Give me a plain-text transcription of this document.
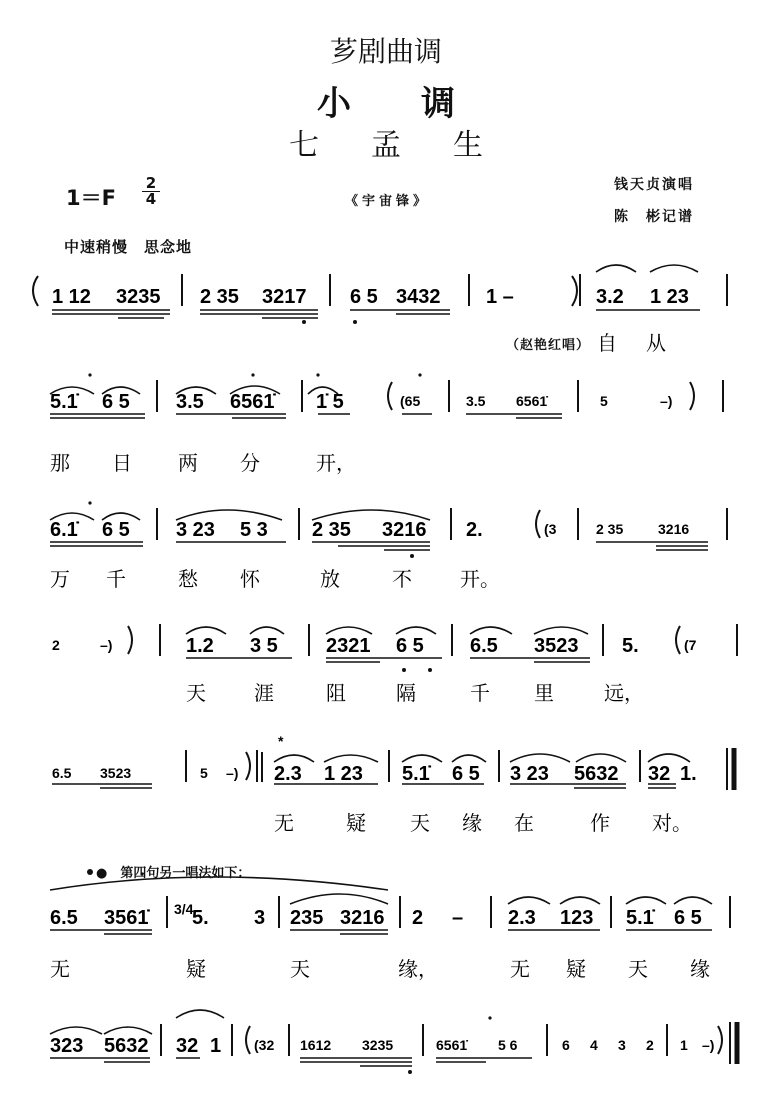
芗剧曲调
小调
七孟生
1＝F
2
4	《宇宙锋》
钱天贞演唱
陈　彬记谱
中速稍慢　思念地
1 12 3235 2 35 3217 6 5 3432 1 –	3.2 1 23
自 从
5.1̇ 6 5 3.5 6561̇ 1̇ 5	(65	3.5 6561̇	5	–)
那 日 两 分	开，
6.1̇ 6 5 3 23 5 3 2 35 3216 2.	(3	2 35 3216
万 千	愁 怀	放	不 开。
2	–)	1.2 3 5 2321 6 5 6.5 3523 5.	(7
天 涯	阻	隔	千 里	远，
6.5 3523	5 –)
*
2.3 1 23 5.1̇ 6 5 3 23 5632 32 1.
无	疑 天 缘 在	作 对。
6.5 3561̇ 3/4
5. 3 235 3216 2 – 2.3 123 5.1̇ 6 5
无	疑	天	缘，	无 疑 天 缘
323 5632 32 1 (32 1612 3235	6561̇ 5 6	6 4 3 2 1 –)
（赵艳红唱）
●　第四句另一唱法如下：
